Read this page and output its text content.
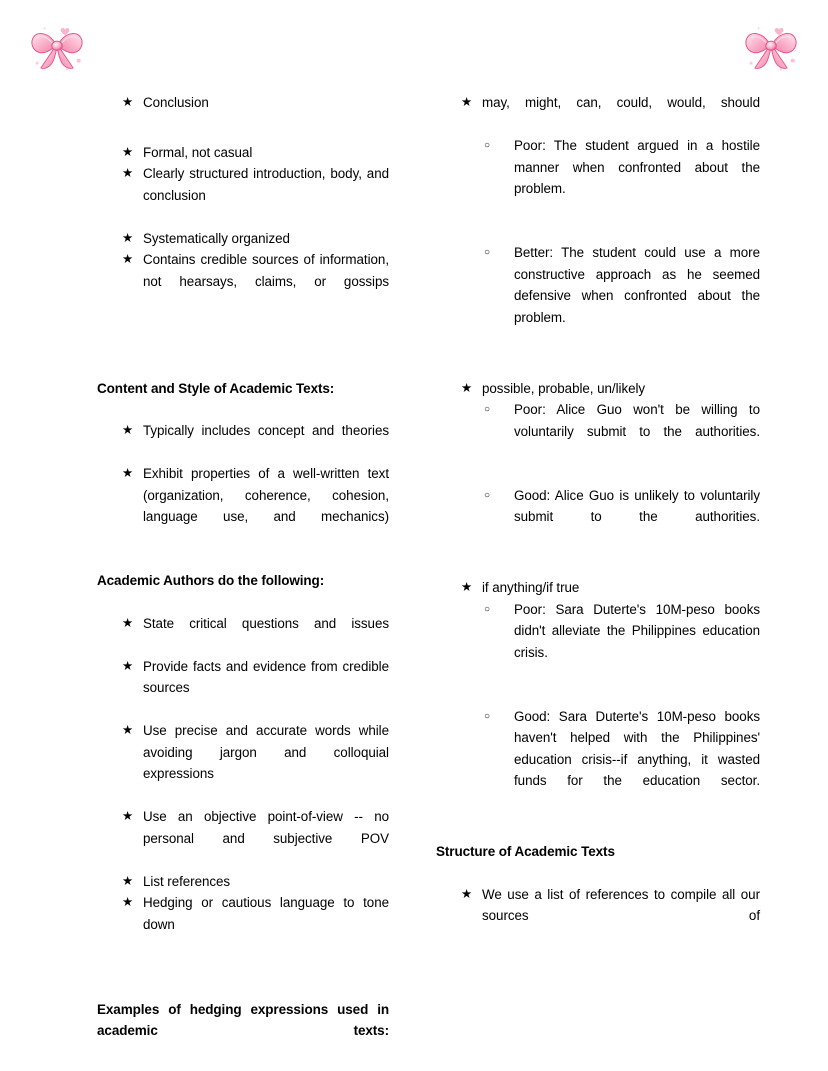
★ Conclusion
★ Formal, not casual
★ Clearly structured introduction, body, and conclusion
★ Systematically organized
★ Contains credible sources of information, not hearsays, claims, or gossips

Content and Style of Academic Texts:

★ Typically includes concept and theories
★ Exhibit properties of a well-written text (organization, coherence, cohesion, language use, and mechanics)

Academic Authors do the following:

★ State critical questions and issues
★ Provide facts and evidence from credible sources
★ Use precise and accurate words while avoiding jargon and colloquial expressions
★ Use an objective point-of-view -- no personal and subjective POV
★ List references
★ Hedging or cautious language to tone down

Examples of hedging expressions used in academic texts:

★ may, might, can, could, would, should
○ Poor: The student argued in a hostile manner when confronted about the problem.
○ Better: The student could use a more constructive approach as he seemed defensive when confronted about the problem.
★ possible, probable, un/likely
○ Poor: Alice Guo won't be willing to voluntarily submit to the authorities.
○ Good: Alice Guo is unlikely to voluntarily submit to the authorities.
★ if anything/if true
○ Poor: Sara Duterte's 10M-peso books didn't alleviate the Philippines education crisis.
○ Good: Sara Duterte's 10M-peso books haven't helped with the Philippines' education crisis--if anything, it wasted funds for the education sector.

Structure of Academic Texts

★ We use a list of references to compile all our sources of
